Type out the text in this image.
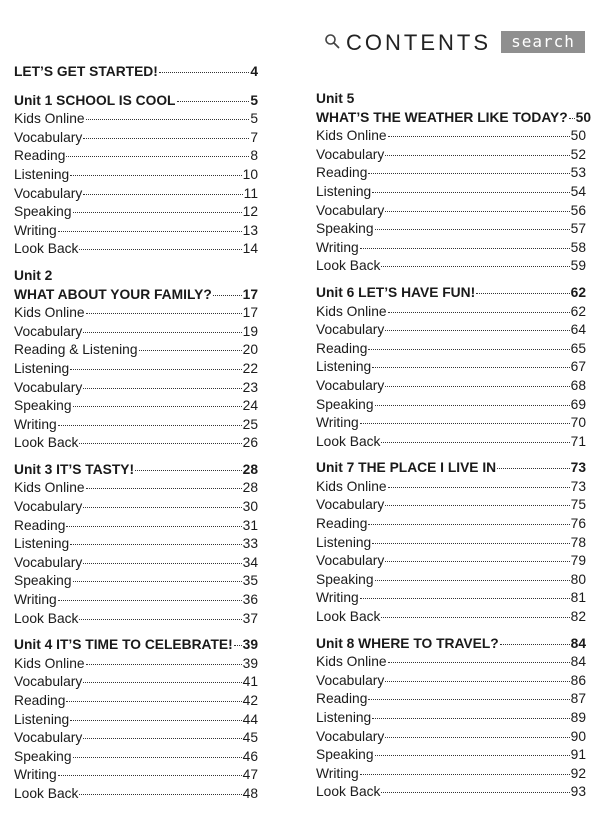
CONTENTS	search
LET’S GET STARTED!	4
Unit 1 SCHOOL IS COOL	5
Kids Online	5
Vocabulary	7
Reading	8
Listening	10
Vocabulary	11
Speaking	12
Writing	13
Look Back	14
Unit 2
WHAT ABOUT YOUR FAMILY? 17
Kids Online	17
Vocabulary	19
Reading & Listening	20
Listening	22
Vocabulary	23
Speaking	24
Writing	25
Look Back	26
Unit 3 IT’S TASTY!	28
Kids Online	28
Vocabulary	30
Reading	31
Listening	33
Vocabulary	34
Speaking	35
Writing	36
Look Back	37
Unit 4 IT’S TIME TO CELEBRATE! 39
Kids Online	39
Vocabulary	41
Reading	42
Listening	44
Vocabulary	45
Speaking	46
Writing	47
Look Back	48
Unit 5
WHAT’S THE WEATHER LIKE TODAY? 50
Kids Online	50
Vocabulary	52
Reading	53
Listening	54
Vocabulary	56
Speaking	57
Writing	58
Look Back	59
Unit 6 LET’S HAVE FUN!	62
Kids Online	62
Vocabulary	64
Reading	65
Listening	67
Vocabulary	68
Speaking	69
Writing	70
Look Back	71
Unit 7 THE PLACE I LIVE IN	73
Kids Online	73
Vocabulary	75
Reading	76
Listening	78
Vocabulary	79
Speaking	80
Writing	81
Look Back	82
Unit 8 WHERE TO TRAVEL?	84
Kids Online	84
Vocabulary	86
Reading	87
Listening	89
Vocabulary	90
Speaking	91
Writing	92
Look Back	93
